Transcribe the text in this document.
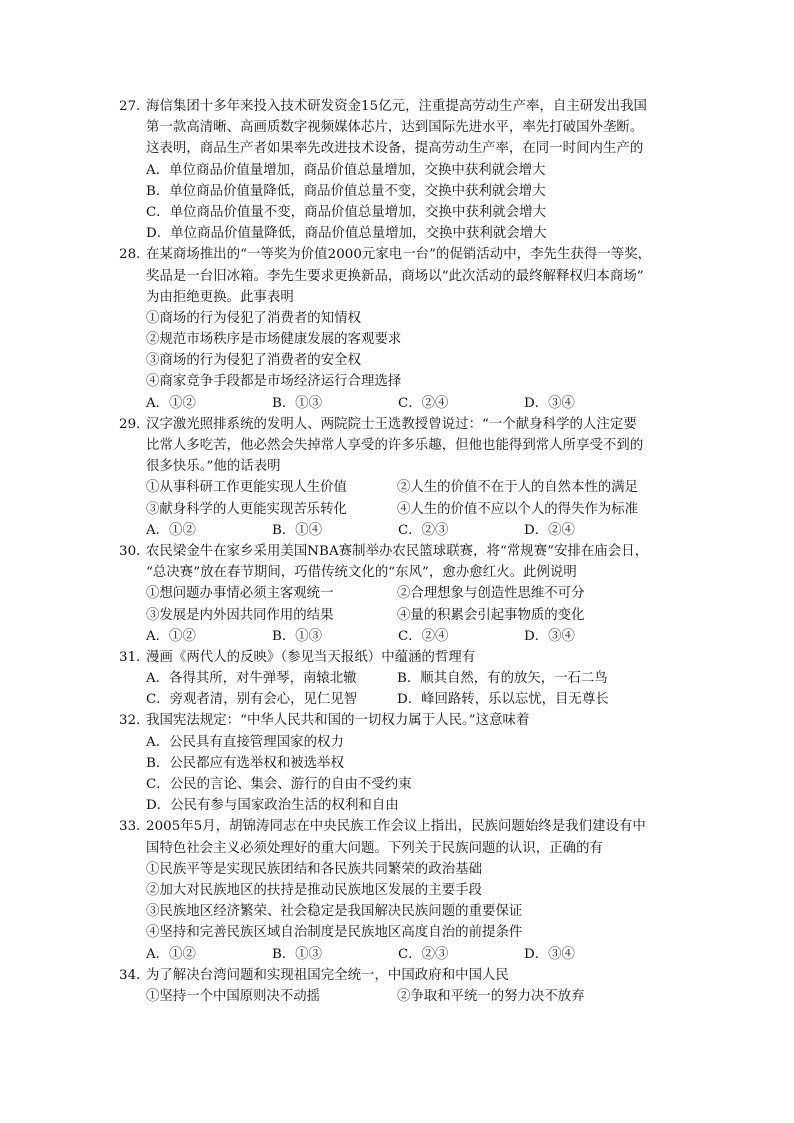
27．海信集团十多年来投入技术研发资金15亿元，注重提高劳动生产率，自主研发出我国
第一款高清晰、高画质数字视频媒体芯片，达到国际先进水平，率先打破国外垄断。
这表明，商品生产者如果率先改进技术设备，提高劳动生产率，在同一时间内生产的
A．单位商品价值量增加，商品价值总量增加，交换中获利就会增大
B．单位商品价值量降低，商品价值总量不变，交换中获利就会增大
C．单位商品价值量不变，商品价值总量增加，交换中获利就会增大
D．单位商品价值量降低，商品价值总量增加，交换中获利就会增大
28．在某商场推出的“一等奖为价值2000元家电一台”的促销活动中，李先生获得一等奖，
奖品是一台旧冰箱。李先生要求更换新品，商场以“此次活动的最终解释权归本商场”
为由拒绝更换。此事表明
①商场的行为侵犯了消费者的知情权
②规范市场秩序是市场健康发展的客观要求
③商场的行为侵犯了消费者的安全权
④商家竞争手段都是市场经济运行合理选择
A．①②	B．①③	C．②④	D．③④
29．汉字激光照排系统的发明人、两院院士王选教授曾说过：“一个献身科学的人注定要
比常人多吃苦，他必然会失掉常人享受的许多乐趣，但他也能得到常人所享受不到的
很多快乐。”他的话表明
①从事科研工作更能实现人生价值	②人生的价值不在于人的自然本性的满足
③献身科学的人更能实现苦乐转化	④人生的价值不应以个人的得失作为标准
A．①②	B．①④	C．②③	D．②④
30．农民梁金牛在家乡采用美国NBA赛制举办农民篮球联赛，将“常规赛”安排在庙会日，
“总决赛”放在春节期间，巧借传统文化的“东风”，愈办愈红火。此例说明
①想问题办事情必须主客观统一	②合理想象与创造性思维不可分
③发展是内外因共同作用的结果	④量的积累会引起事物质的变化
A．①②	B．①③	C．②④	D．③④
31．漫画《两代人的反映》（参见当天报纸）中蕴涵的哲理有
A．各得其所，对牛弹琴，南辕北辙	B．顺其自然，有的放矢，一石二鸟
C．旁观者清，别有会心，见仁见智	D．峰回路转，乐以忘忧，目无尊长
32．我国宪法规定：“中华人民共和国的一切权力属于人民。”这意味着
A．公民具有直接管理国家的权力
B．公民都应有选举权和被选举权
C．公民的言论、集会、游行的自由不受约束
D．公民有参与国家政治生活的权利和自由
33．2005年5月，胡锦涛同志在中央民族工作会议上指出，民族问题始终是我们建设有中
国特色社会主义必须处理好的重大问题。下列关于民族问题的认识，正确的有
①民族平等是实现民族团结和各民族共同繁荣的政治基础
②加大对民族地区的扶持是推动民族地区发展的主要手段
③民族地区经济繁荣、社会稳定是我国解决民族问题的重要保证
④坚持和完善民族区域自治制度是民族地区高度自治的前提条件
A．①②	B．①③	C．②③	D．③④
34．为了解决台湾问题和实现祖国完全统一，中国政府和中国人民
①坚持一个中国原则决不动摇	②争取和平统一的努力决不放弃
